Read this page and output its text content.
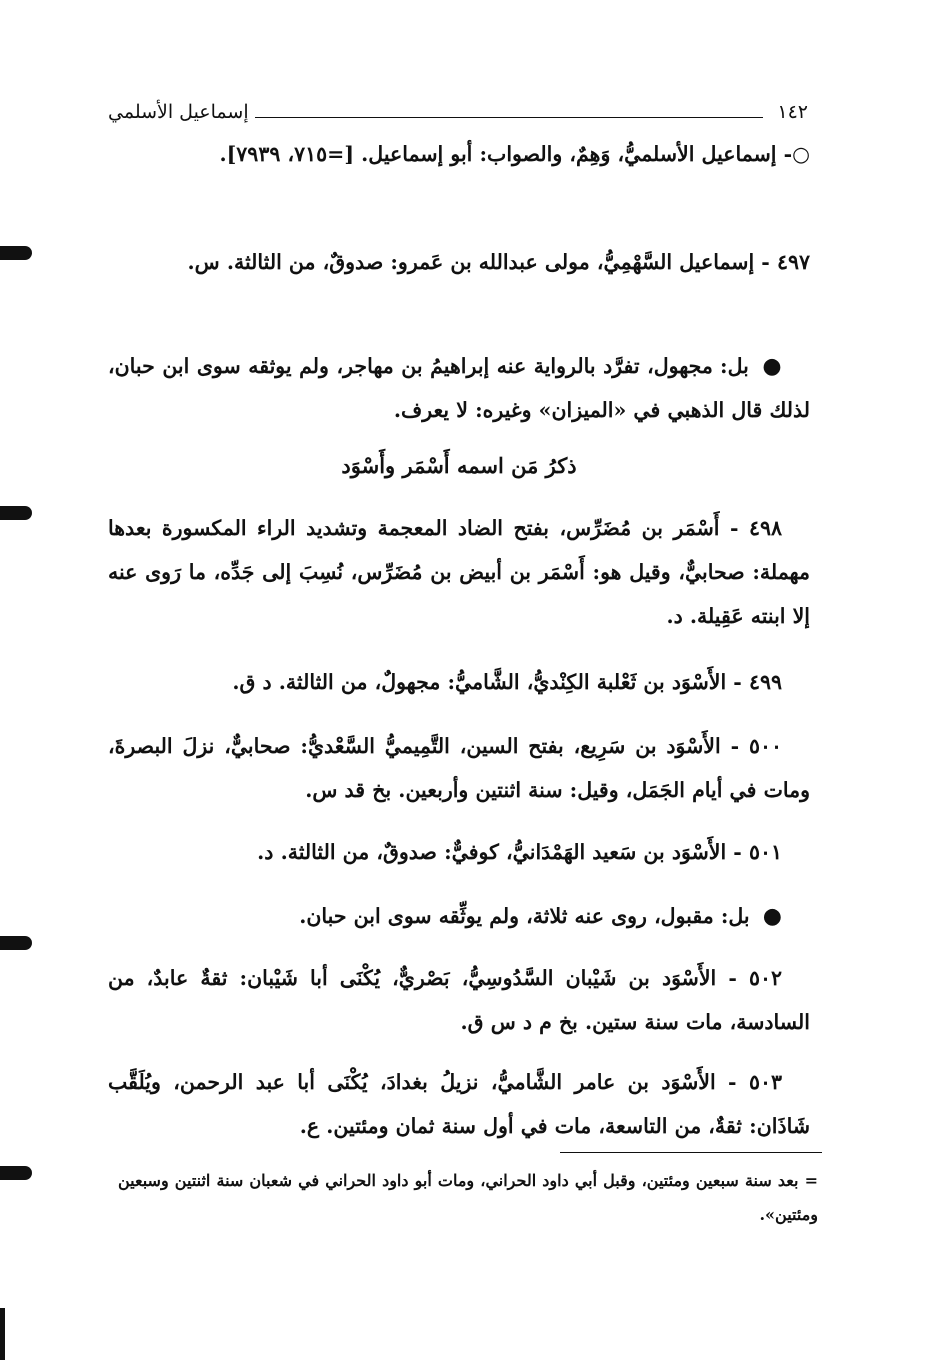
إسماعيل الأسلمي	١٤٢

○- إسماعيل الأسلميُّ، وَهِمٌ، والصواب: أبو إسماعيل. [=٧١٥، ٧٩٣٩].

٤٩٧ - إسماعيل السَّهْمِيُّ، مولى عبدالله بن عَمرو: صدوقٌ، من الثالثة. س.

● بل: مجهول، تفرَّد بالرواية عنه إبراهيمُ بن مهاجر، ولم يوثقه سوى ابن حبان، لذلك قال الذهبي في «الميزان» وغيره: لا يعرف.

ذكرُ مَن اسمه أَسْمَر وأَسْوَد

٤٩٨ - أَسْمَر بن مُضَرِّس، بفتح الضاد المعجمة وتشديد الراء المكسورة بعدها مهملة: صحابيٌّ، وقيل هو: أَسْمَر بن أبيض بن مُضَرِّس، نُسِبَ إلى جَدِّه، ما رَوى عنه إلا ابنته عَقِيلة. د.

٤٩٩ - الأَسْوَد بن ثَعْلبة الكِنْديُّ، الشَّاميُّ: مجهولٌ، من الثالثة. د ق.

٥٠٠ - الأَسْوَد بن سَرِيع، بفتح السين، التَّمِيميُّ السَّعْديُّ: صحابيٌّ، نزلَ البصرةَ، ومات في أيام الجَمَل، وقيل: سنة اثنتين وأربعين. بخ قد س.

٥٠١ - الأَسْوَد بن سَعيد الهَمْدَانيُّ، كوفيٌّ: صدوقٌ، من الثالثة. د.

● بل: مقبول، روى عنه ثلاثة، ولم يوثِّقه سوى ابن حبان.

٥٠٢ - الأَسْوَد بن شَيْبان السَّدُوسِيُّ، بَصْريٌّ، يُكْنَى أبا شَيْبان: ثقةٌ عابدٌ، من السادسة، مات سنة ستين. بخ م د س ق.

٥٠٣ - الأَسْوَد بن عامر الشَّاميُّ، نزيلُ بغدادَ، يُكْنَى أبا عبد الرحمن، ويُلَقَّب شَاذَان: ثقةٌ، من التاسعة، مات في أول سنة ثمان ومئتين. ع.

= بعد سنة سبعين ومئتين، وقبل أبي داود الحراني، ومات أبو داود الحراني في شعبان سنة اثنتين وسبعين ومئتين».
